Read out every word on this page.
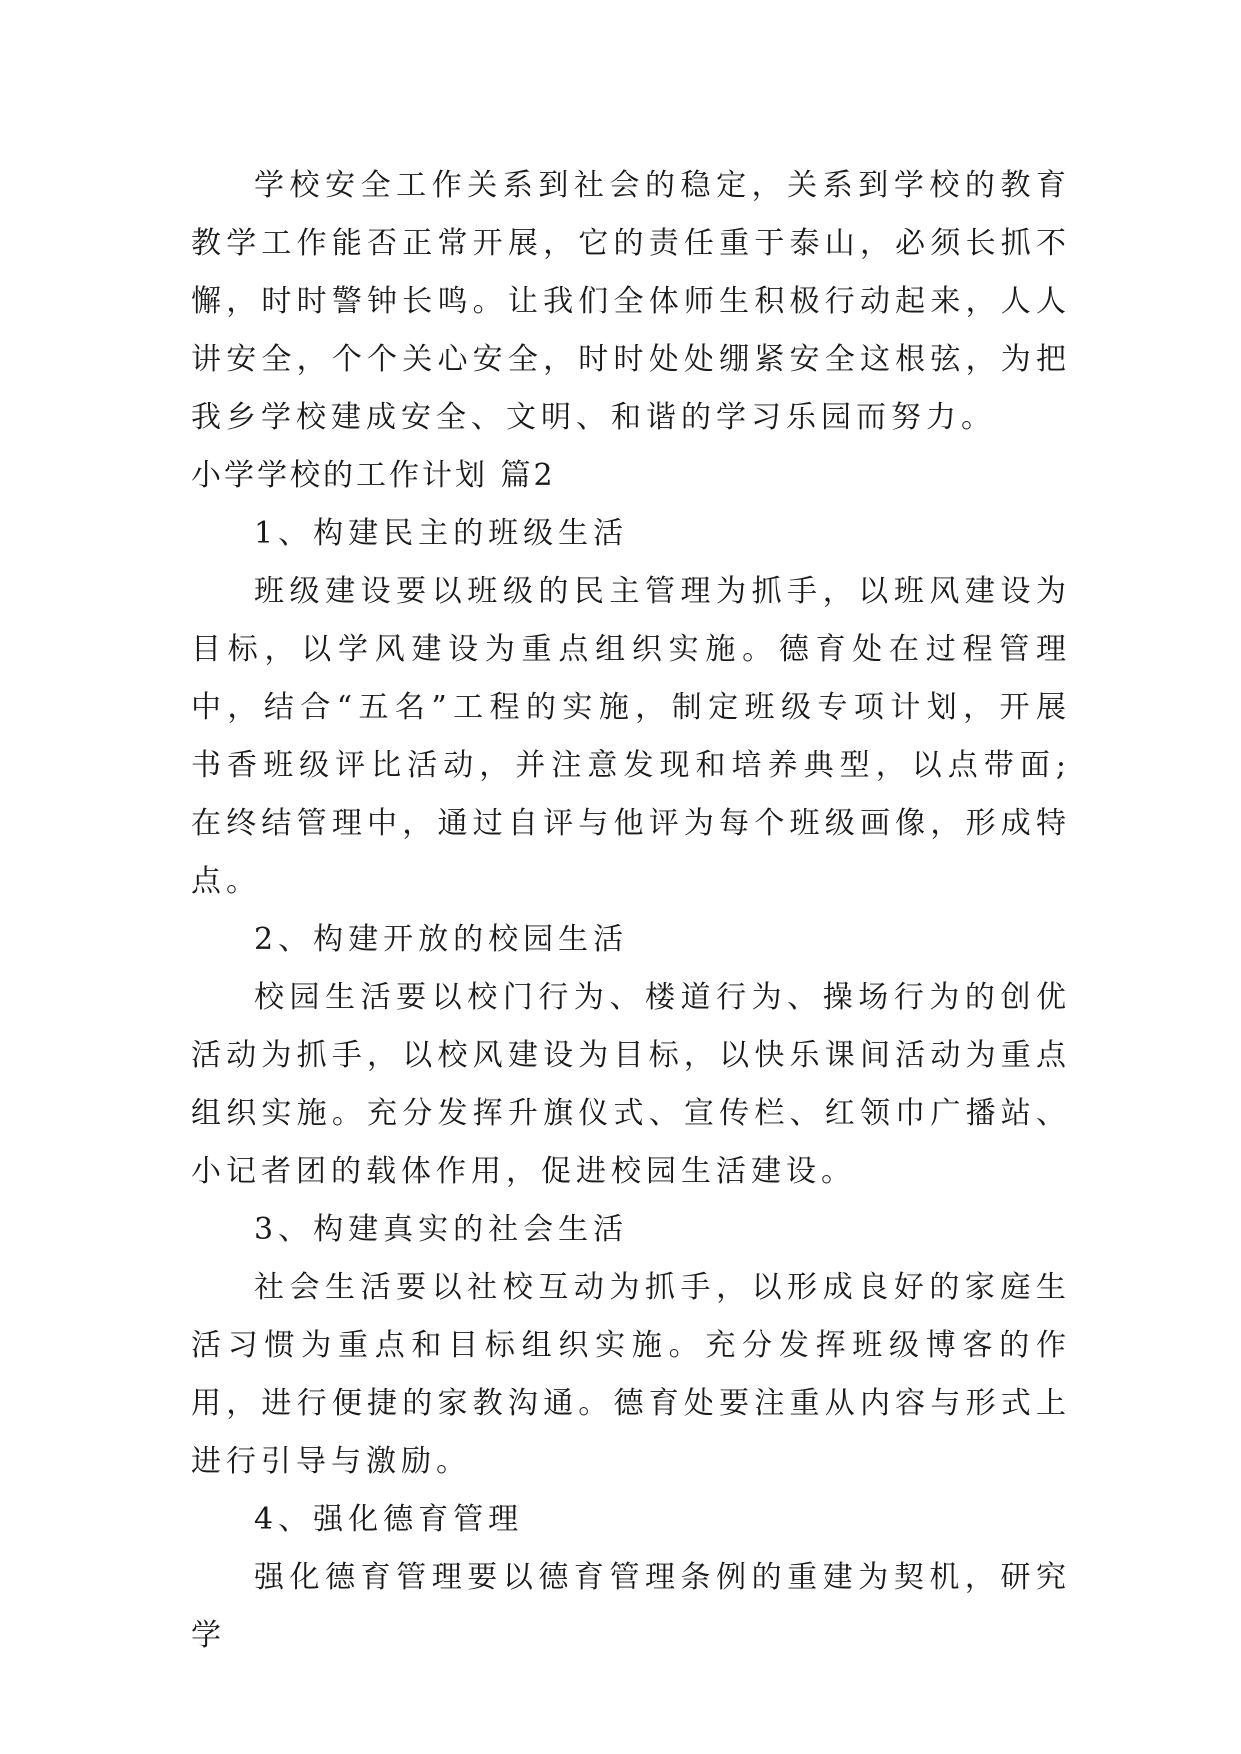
学校安全工作关系到社会的稳定，关系到学校的教育教学工作能否正常开展，它的责任重于泰山，必须长抓不懈，时时警钟长鸣。让我们全体师生积极行动起来，人人讲安全，个个关心安全，时时处处绷紧安全这根弦，为把我乡学校建成安全、文明、和谐的学习乐园而努力。

小学学校的工作计划 篇2

1、构建民主的班级生活

班级建设要以班级的民主管理为抓手，以班风建设为目标，以学风建设为重点组织实施。德育处在过程管理中，结合“五名”工程的实施，制定班级专项计划，开展书香班级评比活动，并注意发现和培养典型，以点带面;在终结管理中，通过自评与他评为每个班级画像，形成特点。

2、构建开放的校园生活

校园生活要以校门行为、楼道行为、操场行为的创优活动为抓手，以校风建设为目标，以快乐课间活动为重点组织实施。充分发挥升旗仪式、宣传栏、红领巾广播站、小记者团的载体作用，促进校园生活建设。

3、构建真实的社会生活

社会生活要以社校互动为抓手，以形成良好的家庭生活习惯为重点和目标组织实施。充分发挥班级博客的作用，进行便捷的家教沟通。德育处要注重从内容与形式上进行引导与激励。

4、强化德育管理

强化德育管理要以德育管理条例的重建为契机，研究学
